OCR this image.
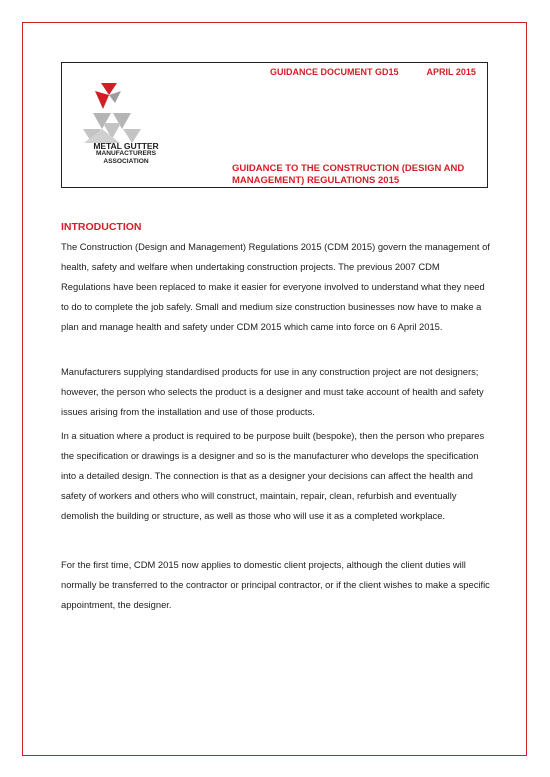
METAL GUTTER
MANUFACTURERS
ASSOCIATION
GUIDANCE DOCUMENT GD15	APRIL 2015
GUIDANCE TO THE CONSTRUCTION (DESIGN AND MANAGEMENT) REGULATIONS 2015
INTRODUCTION

The Construction (Design and Management) Regulations 2015 (CDM 2015) govern the management of health, safety and welfare when undertaking construction projects. The previous 2007 CDM Regulations have been replaced to make it easier for everyone involved to understand what they need to do to complete the job safely. Small and medium size construction businesses now have to make a plan and manage health and safety under CDM 2015 which came into force on 6 April 2015.

Manufacturers supplying standardised products for use in any construction project are not designers; however, the person who selects the product is a designer and must take account of health and safety issues arising from the installation and use of those products.

In a situation where a product is required to be purpose built (bespoke), then the person who prepares the specification or drawings is a designer and so is the manufacturer who develops the specification into a detailed design. The connection is that as a designer your decisions can affect the health and safety of workers and others who will construct, maintain, repair, clean, refurbish and eventually demolish the building or structure, as well as those who will use it as a completed workplace.

For the first time, CDM 2015 now applies to domestic client projects, although the client duties will normally be transferred to the contractor or principal contractor, or if the client wishes to make a specific appointment, the designer.
